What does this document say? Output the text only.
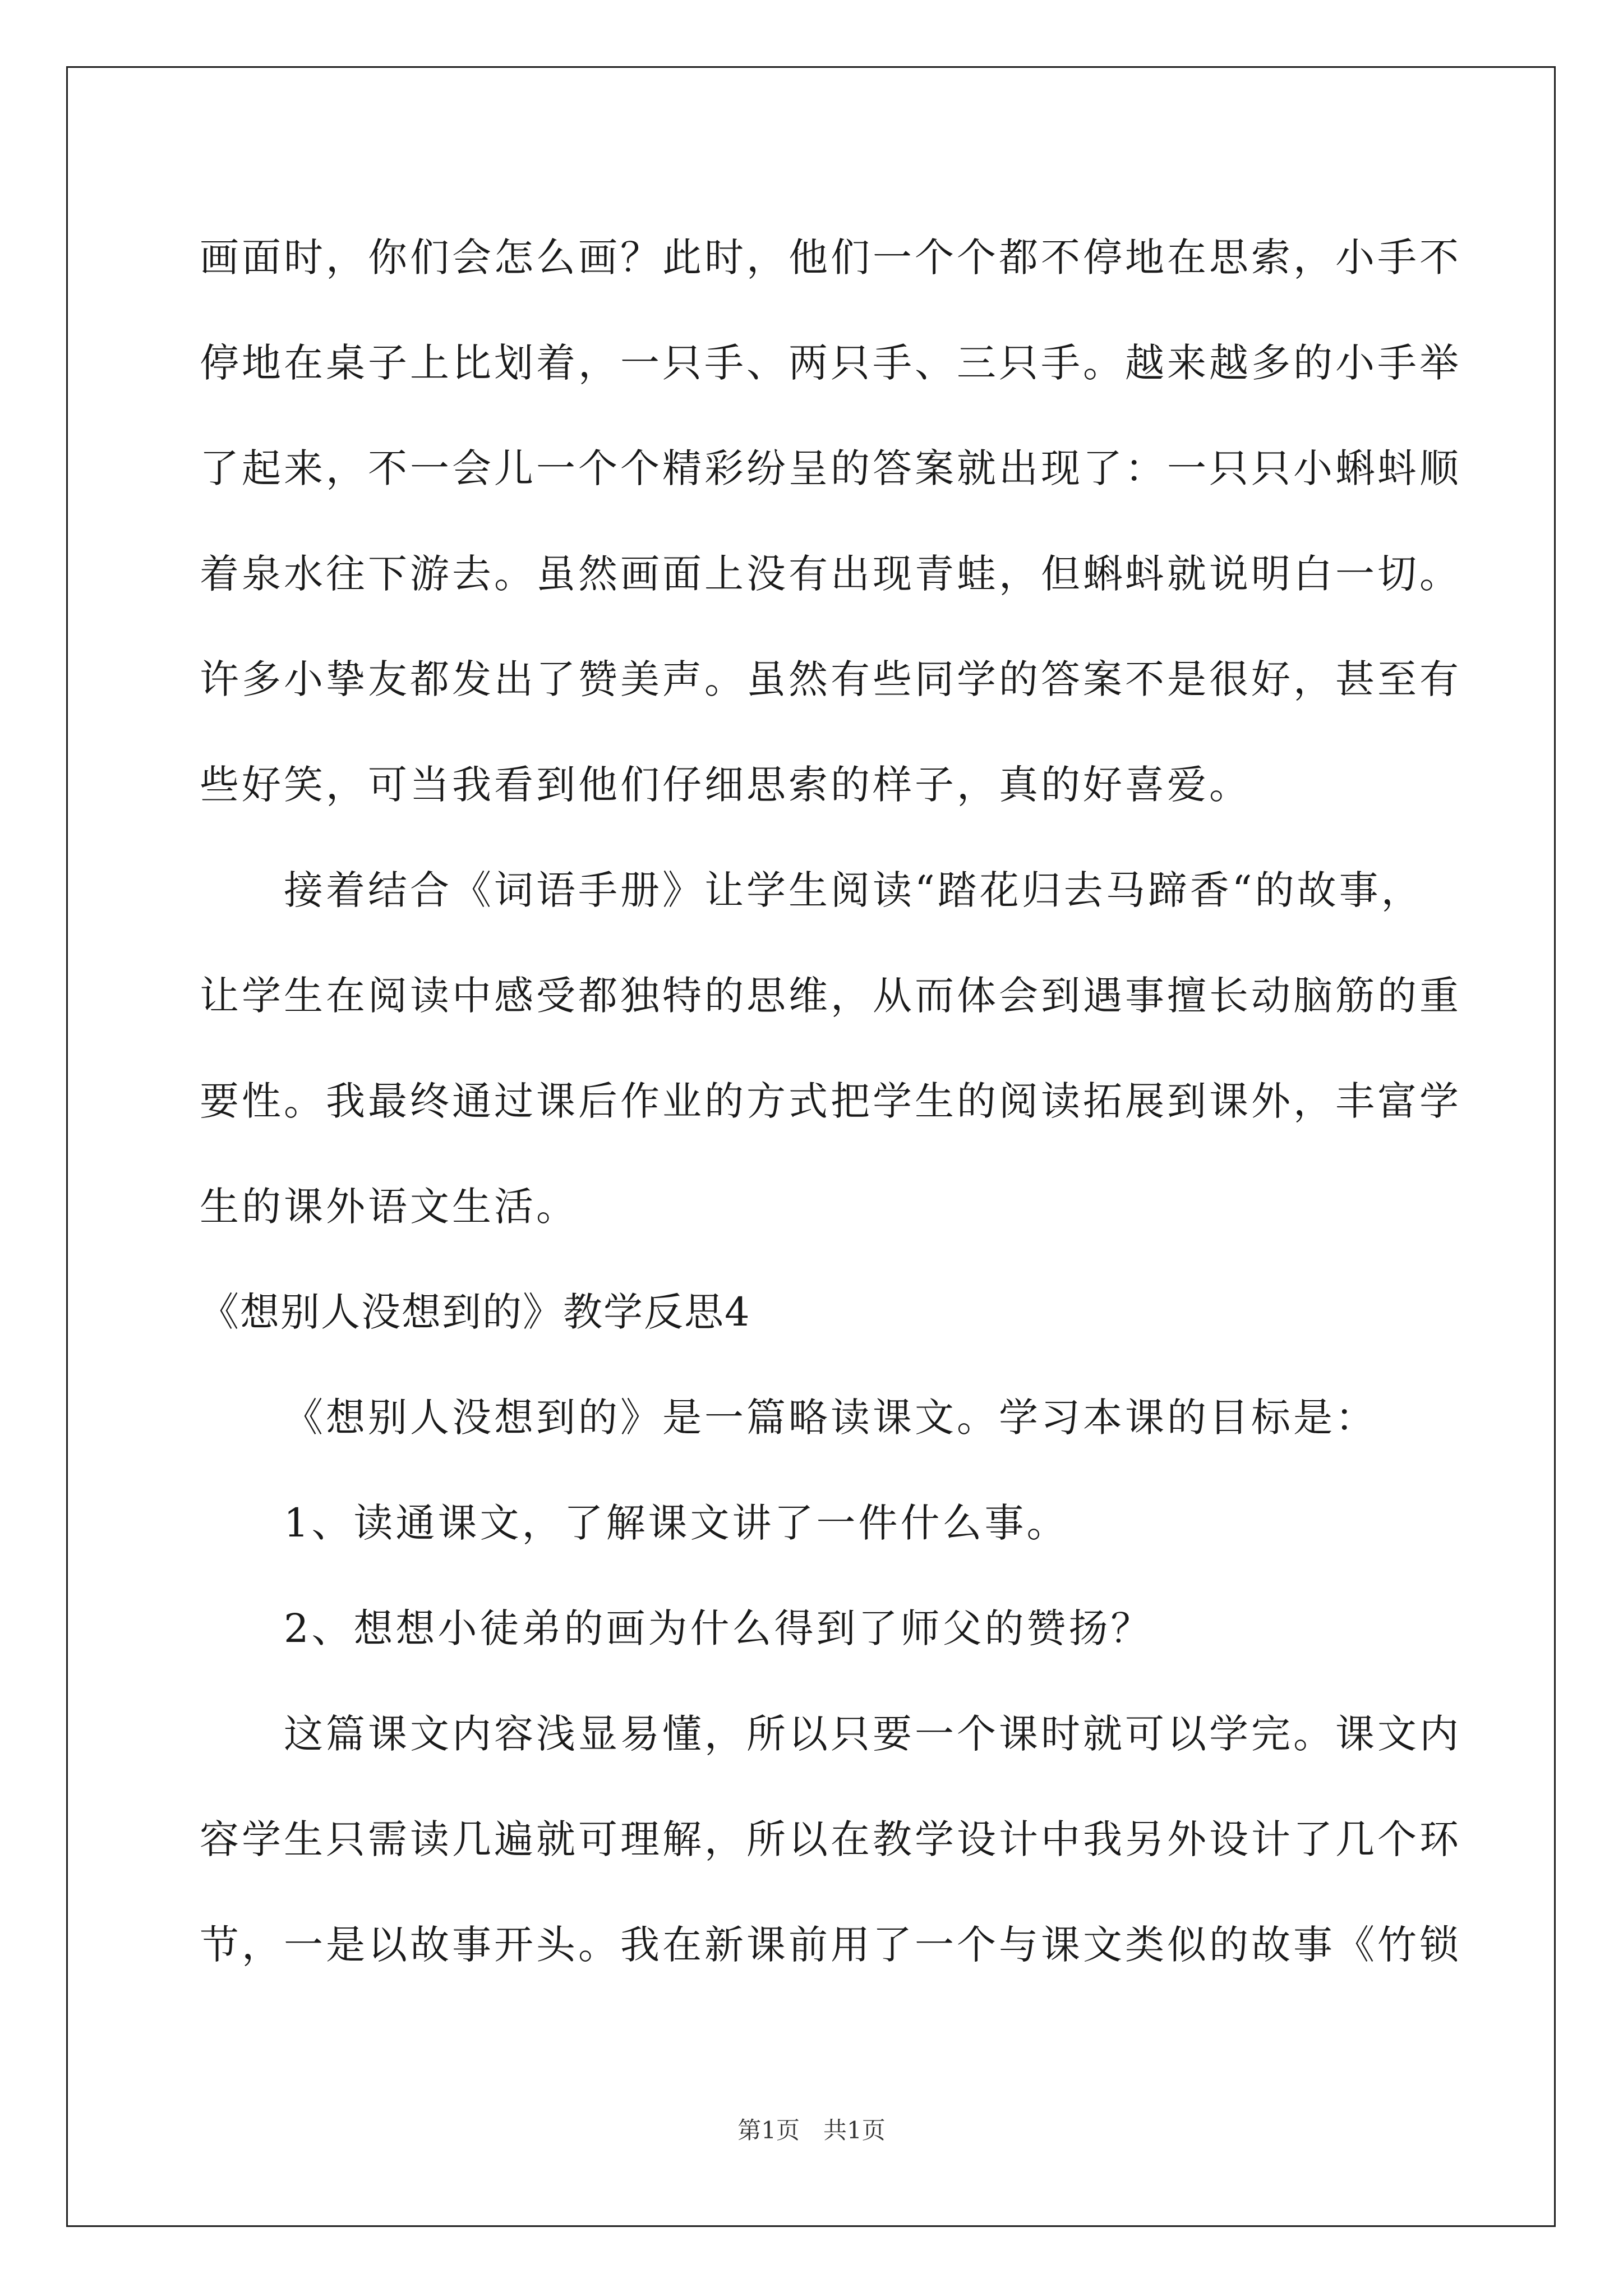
画面时，你们会怎么画？此时，他们一个个都不停地在思索，小手不
停地在桌子上比划着，一只手、两只手、三只手。越来越多的小手举
了起来，不一会儿一个个精彩纷呈的答案就出现了：一只只小蝌蚪顺
着泉水往下游去。虽然画面上没有出现青蛙，但蝌蚪就说明白一切。
许多小挚友都发出了赞美声。虽然有些同学的答案不是很好，甚至有
些好笑，可当我看到他们仔细思索的样子，真的好喜爱。
接着结合《词语手册》让学生阅读“踏花归去马蹄香“的故事，
让学生在阅读中感受都独特的思维，从而体会到遇事擅长动脑筋的重
要性。我最终通过课后作业的方式把学生的阅读拓展到课外，丰富学
生的课外语文生活。
《想别人没想到的》教学反思4
《想别人没想到的》是一篇略读课文。学习本课的目标是：
1、读通课文，了解课文讲了一件什么事。
2、想想小徒弟的画为什么得到了师父的赞扬？
这篇课文内容浅显易懂，所以只要一个课时就可以学完。课文内
容学生只需读几遍就可理解，所以在教学设计中我另外设计了几个环
节，一是以故事开头。我在新课前用了一个与课文类似的故事《竹锁
第1页　共1页
